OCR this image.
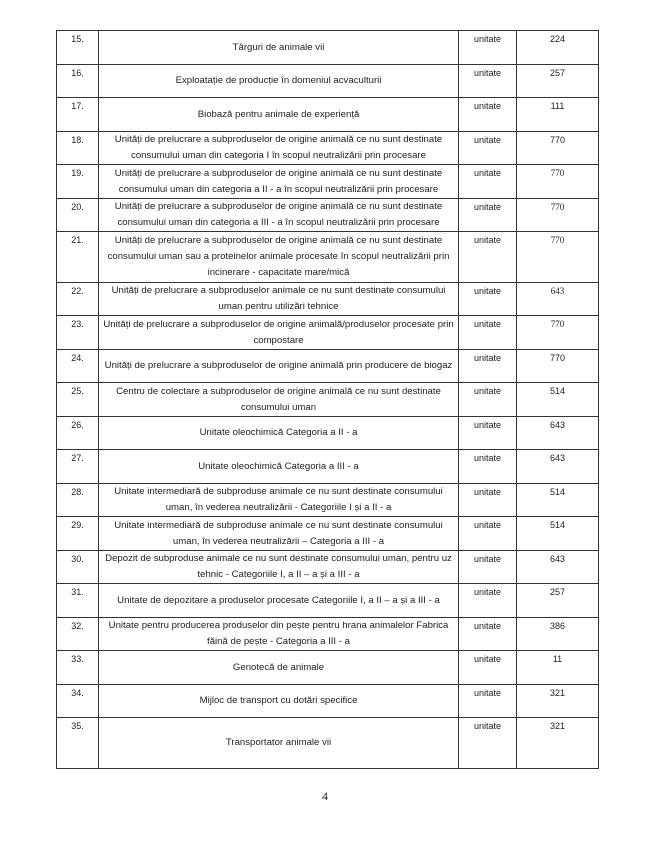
15.	Târguri de animale vii	unitate	224
16.	Exploatație de producție în domeniul acvaculturii	unitate	257
17.	Biobază pentru animale de experiență	unitate	111
18.	Unități de prelucrare a subproduselor de origine animală ce nu sunt destinate consumului uman din categoria I în scopul neutralizării prin procesare	unitate	770
19.	Unități de prelucrare a subproduselor de origine animală ce nu sunt destinate consumului uman din categoria a II - a în scopul neutralizării prin procesare	unitate	770
20.	Unități de prelucrare a subproduselor de origine animală ce nu sunt destinate consumului uman din categoria a III - a în scopul neutralizării prin procesare	unitate	770
21.	Unități de prelucrare a subproduselor de origine animală ce nu sunt destinate consumului uman sau a proteinelor animale procesate în scopul neutralizării prin incinerare - capacitate mare/mică	unitate	770
22.	Unități de prelucrare a subproduselor animale ce nu sunt destinate consumului uman pentru utilizări tehnice	unitate	643
23.	Unități de prelucrare a subproduselor de origine animală/produselor procesate prin compostare	unitate	770
24.	Unități de prelucrare a subproduselor de origine animală prin producere de biogaz	unitate	770
25.	Centru de colectare a subproduselor de origine animală ce nu sunt destinate consumului uman	unitate	514
26.	Unitate oleochimică Categoria a II - a	unitate	643
27.	Unitate oleochimică Categoria a III - a	unitate	643
28.	Unitate intermediară de subproduse animale ce nu sunt destinate consumului uman, în vederea neutralizării - Categoriile I și a II - a	unitate	514
29.	Unitate intermediară de subproduse animale ce nu sunt destinate consumului uman, în vederea neutralizării – Categoria a III - a	unitate	514
30.	Depozit de subproduse animale ce nu sunt destinate consumului uman, pentru uz tehnic - Categoriile I, a II – a și a III - a	unitate	643
31.	Unitate de depozitare a produselor procesate Categoriile I, a II – a și a III - a	unitate	257
32.	Unitate pentru producerea produselor din pește pentru hrana animalelor Fabrica făină de pește - Categoria a III - a	unitate	386
33.	Genotecă de animale	unitate	11
34.	Mijloc de transport cu dotări specifice	unitate	321
35.	Transportator animale vii	unitate	321
4
